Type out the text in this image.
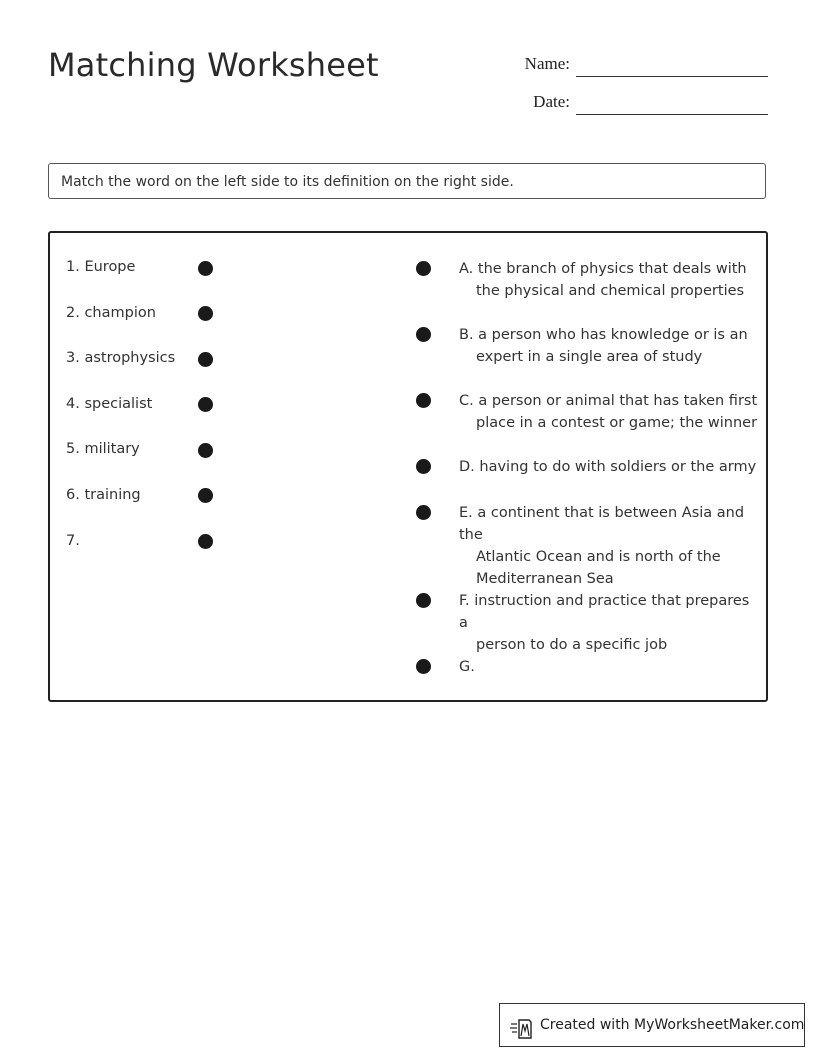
Matching Worksheet	Name:
Date:
Match the word on the left side to its definition on the right side.
1. Europe
2. champion
3. astrophysics
4. specialist
5. military
6. training
7.
A. the branch of physics that deals with
the physical and chemical properties
B. a person who has knowledge or is an
expert in a single area of study
C. a person or animal that has taken first
place in a contest or game; the winner
D. having to do with soldiers or the army
E. a continent that is between Asia and the
Atlantic Ocean and is north of the
Mediterranean Sea
F. instruction and practice that prepares a
person to do a specific job
G.
Created with MyWorksheetMaker.com
